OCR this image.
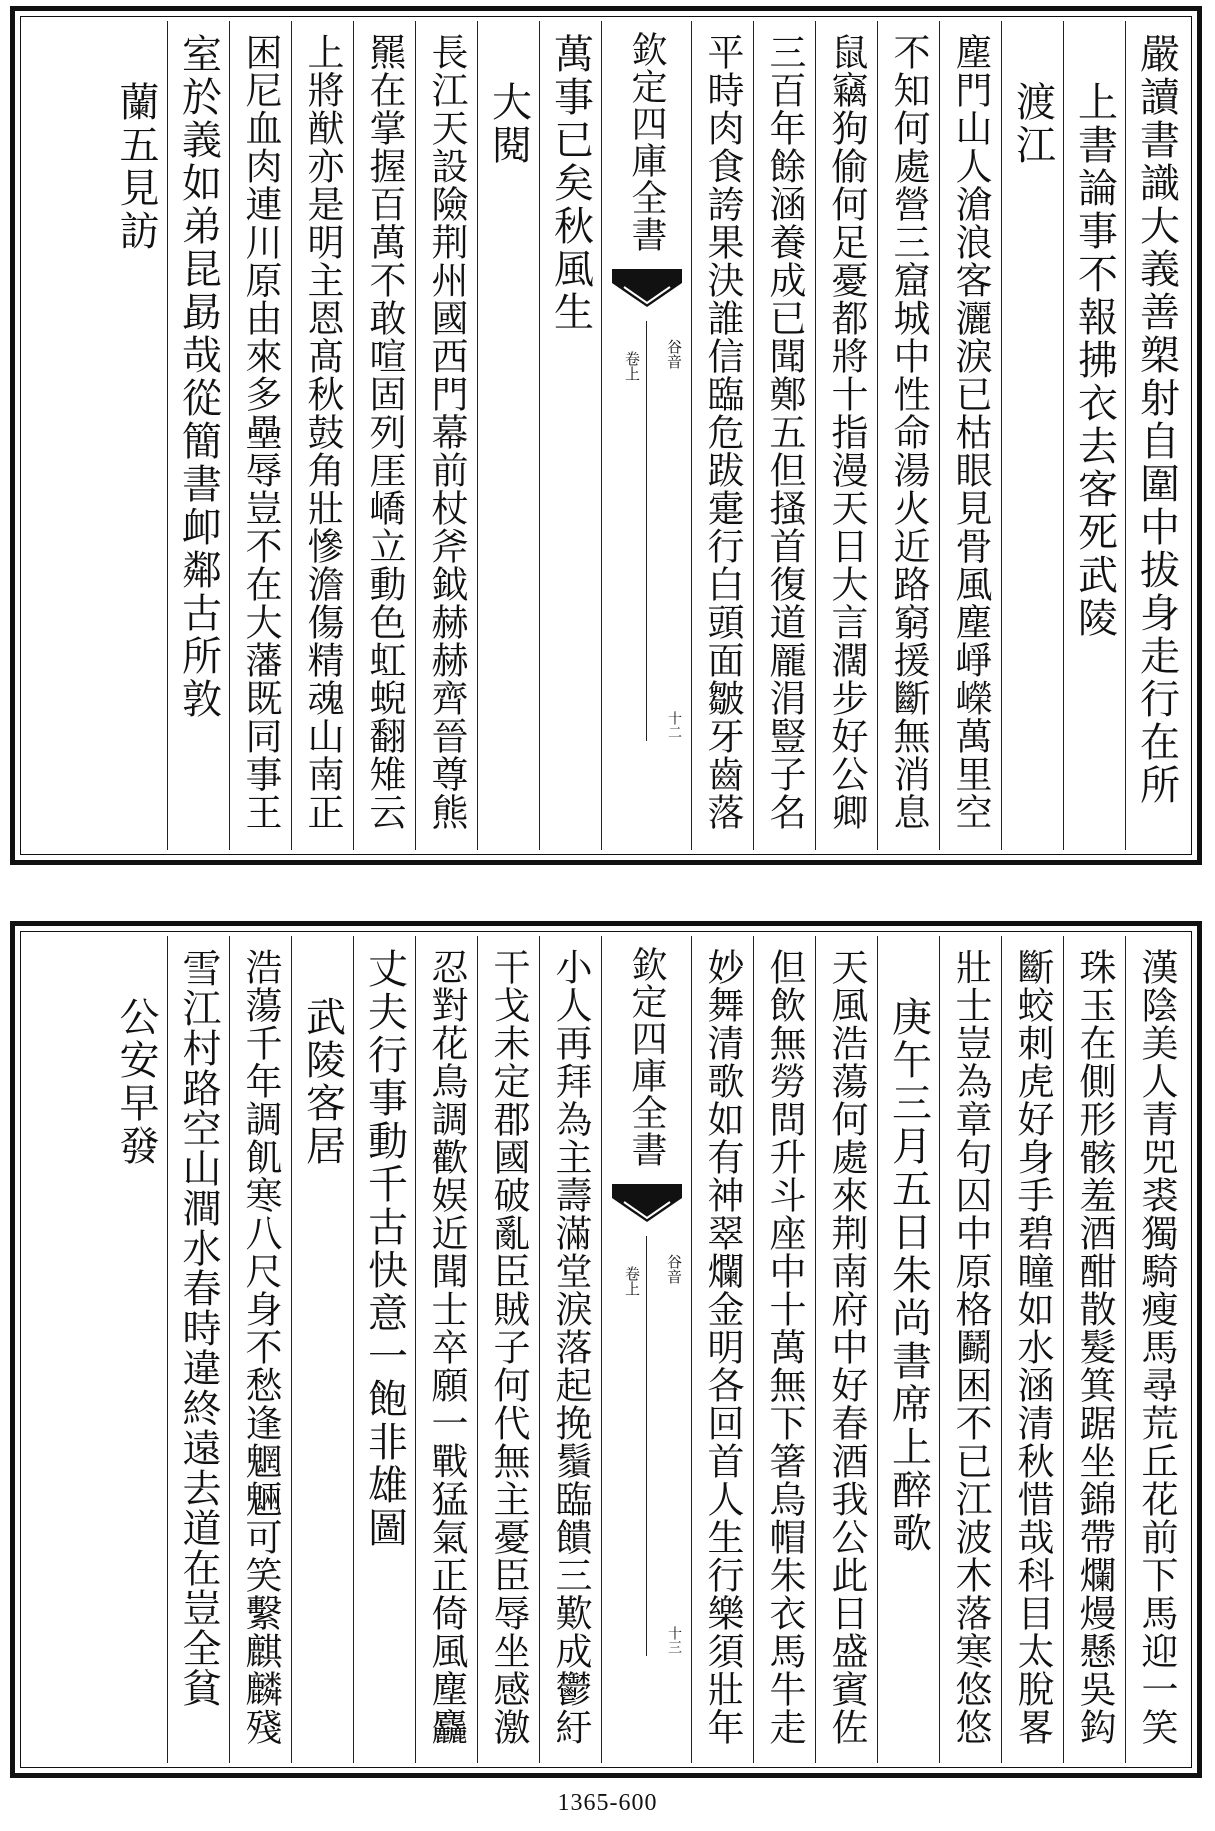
嚴讀書識大義善槊射自圍中拔身走行在所
上書論事不報拂衣去客死武陵
渡江
塵門山人滄浪客灑淚已枯眼見骨風塵崢嶸萬里空
不知何處營三窟城中性命湯火近路窮援斷無消息
鼠竊狗偷何足憂都將十指漫天日大言濶步好公卿
三百年餘涵養成已聞鄭五但搔首復道龎涓豎子名
平時肉食誇果決誰信臨危跋疐行白頭面皺牙齒落
欽定四庫全書
谷音
卷上
十二
萬事已矣秋風生
大閱
長江天設險荆州國西門幕前杖斧鉞赫赫齊晉尊熊
羆在掌握百萬不敢喧固列厓嶠立動色虹蜺翻雉云
上將猷亦是明主恩髙秋鼓角壯慘澹傷精魂山南正
困尼血肉連川原由來多壘辱豈不在大藩既同事王
室於義如弟昆勗哉從簡書卹鄰古所敦
蘭五見訪
漢陰美人青兕裘獨騎瘦馬尋荒丘花前下馬迎一笑
珠玉在側形骸羞酒酣散髮箕踞坐錦帶爛熳懸吳鈎
斷蛟刺虎好身手碧瞳如水涵清秋惜哉科目太脫畧
壯士豈為章句囚中原格鬬困不已江波木落寒悠悠
庚午三月五日朱尚書席上醉歌
天風浩蕩何處來荆南府中好春酒我公此日盛賓佐
但飲無勞問升斗座中十萬無下箸烏帽朱衣馬牛走
妙舞清歌如有神翠爛金明各回首人生行樂須壯年
欽定四庫全書
谷音
卷上
十三
小人再拜為主壽滿堂淚落起挽鬚臨饋三歎成鬱紆
干戈未定郡國破亂臣賊子何代無主憂臣辱坐感激
忍對花鳥調歡娱近聞士卒願一戰猛氣正倚風塵麤
丈夫行事動千古快意一飽非雄圖
武陵客居
浩蕩千年調飢寒八尺身不愁逢魍魎可笑繫麒麟殘
雪江村路空山澗水春時違終遠去道在豈全貧
公安早發
1365-600
